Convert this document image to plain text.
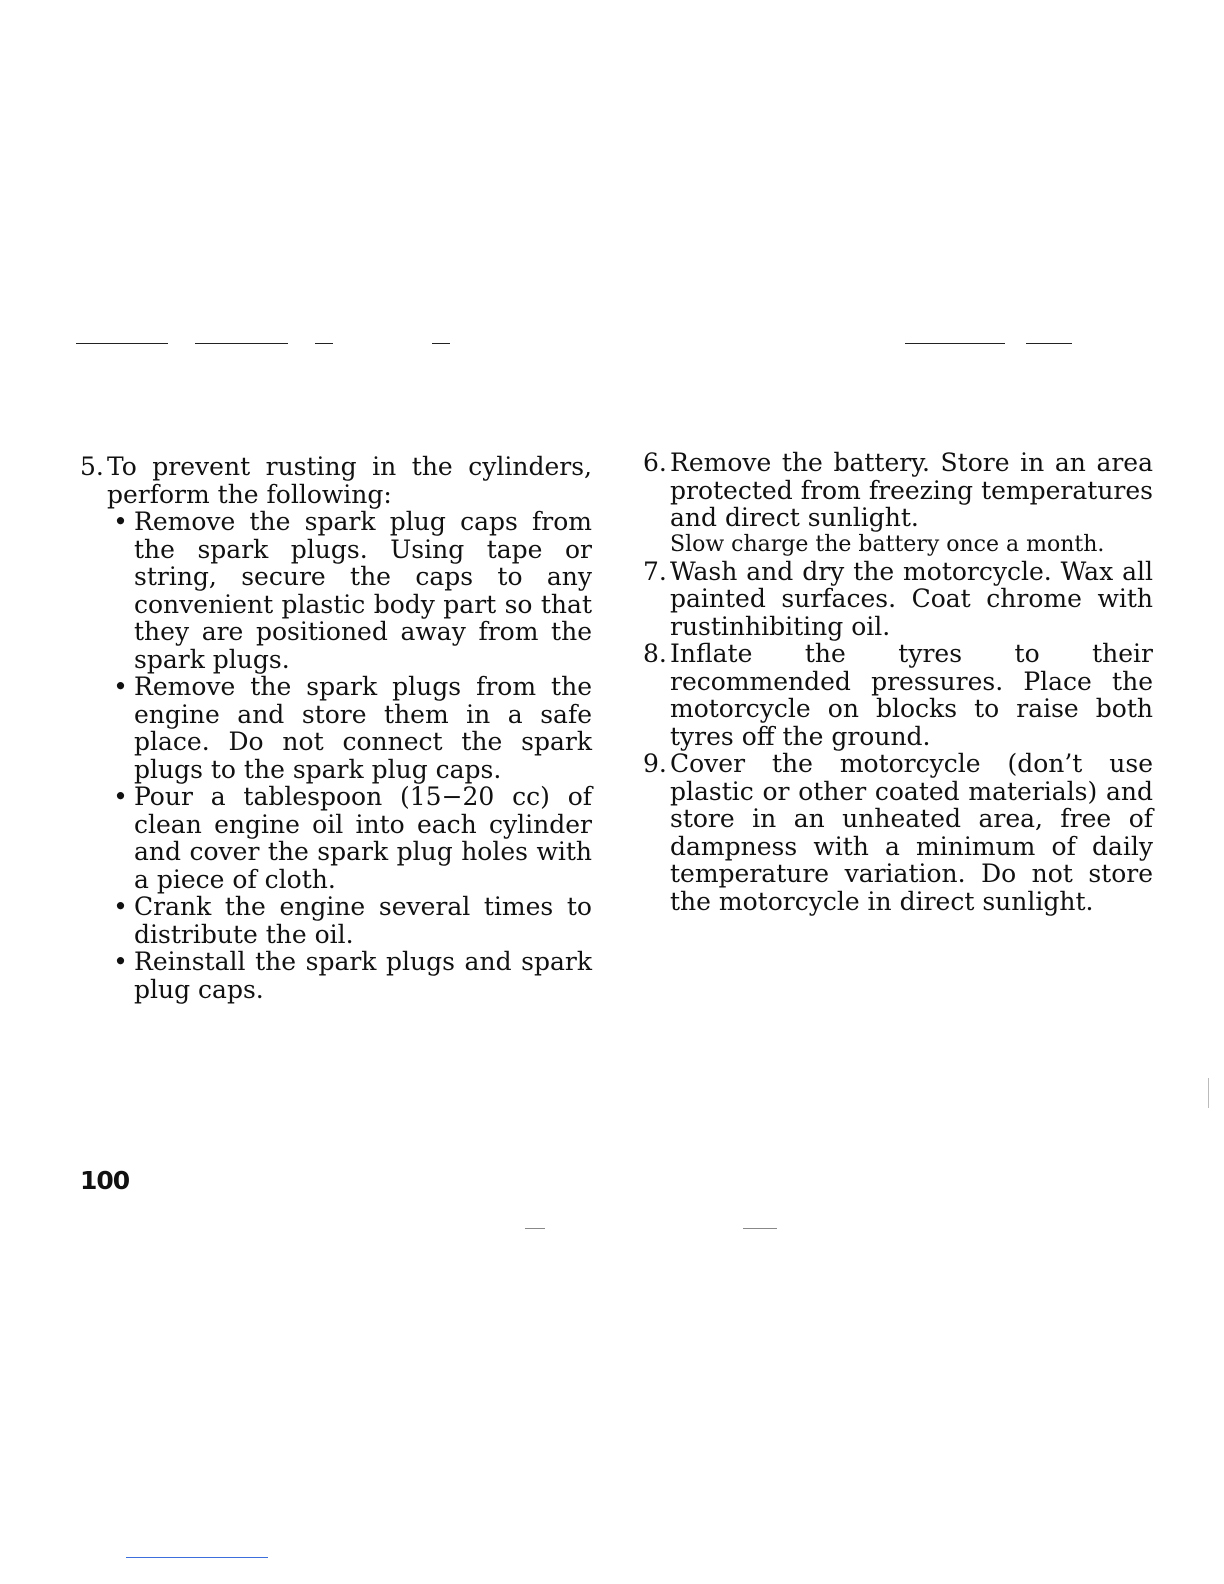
5. To prevent rusting in the cylinders, perform the following:
• Remove the spark plug caps from the spark plugs. Using tape or string, secure the caps to any convenient plastic body part so that they are positioned away from the spark plugs.
• Remove the spark plugs from the engine and store them in a safe place. Do not connect the spark plugs to the spark plug caps.
• Pour a tablespoon (15−20 cc) of clean engine oil into each cylinder and cover the spark plug holes with a piece of cloth.
• Crank the engine several times to distribute the oil.
• Reinstall the spark plugs and spark plug caps.
6. Remove the battery. Store in an area protected from freezing temperatures and direct sunlight.
Slow charge the battery once a month.
7. Wash and dry the motorcycle. Wax all painted surfaces. Coat chrome with rustinhibiting oil.
8. Inflate the tyres to their recommended pressures. Place the motorcycle on blocks to raise both tyres off the ground.
9. Cover the motorcycle (don’t use plastic or other coated materials) and store in an unheated area, free of dampness with a minimum of daily temperature variation. Do not store the motorcycle in direct sunlight.
100
